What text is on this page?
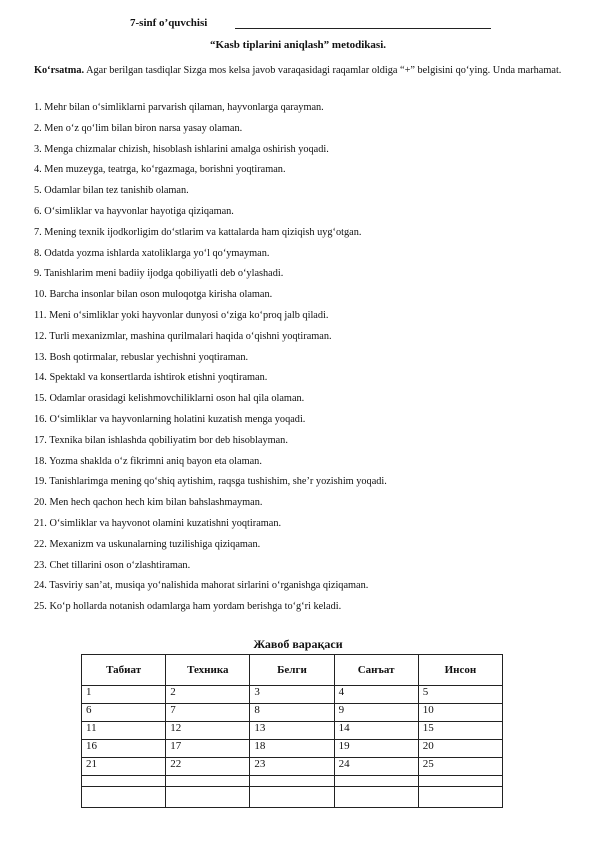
7-sinf o’quvchisi
“Kasb tiplarini aniqlash” metodikasi.
Ko‘rsatma. Agar berilgan tasdiqlar Sizga mos kelsa javob varaqasidagi raqamlar oldiga “+” belgisini qo‘ying. Unda marhamat.
1. Mehr bilan o‘simliklarni parvarish qilaman, hayvonlarga qarayman.
2. Men o‘z qo‘lim bilan biron narsa yasay olaman.
3. Menga chizmalar chizish, hisoblash ishlarini amalga oshirish yoqadi.
4. Men muzeyga, teatrga, ko‘rgazmaga, borishni yoqtiraman.
5. Odamlar bilan tez tanishib olaman.
6. O‘simliklar va hayvonlar hayotiga qiziqaman.
7. Mening texnik ijodkorligim do‘stlarim va kattalarda ham qiziqish uyg‘otgan.
8. Odatda yozma ishlarda xatoliklarga yo‘l qo‘ymayman.
9. Tanishlarim meni badiiy ijodga qobiliyatli deb o‘ylashadi.
10. Barcha insonlar bilan oson muloqotga kirisha olaman.
11. Meni o‘simliklar yoki hayvonlar dunyosi o‘ziga ko‘proq jalb qiladi.
12. Turli mexanizmlar, mashina qurilmalari haqida o‘qishni yoqtiraman.
13. Bosh qotirmalar, rebuslar yechishni yoqtiraman.
14. Spektakl va konsertlarda ishtirok etishni yoqtiraman.
15. Odamlar orasidagi kelishmovchiliklarni oson hal qila olaman.
16. O‘simliklar va hayvonlarning holatini kuzatish menga yoqadi.
17. Texnika bilan ishlashda qobiliyatim bor deb hisoblayman.
18. Yozma shaklda o‘z fikrimni aniq bayon eta olaman.
19. Tanishlarimga mening qo‘shiq aytishim, raqsga tushishim, she’r yozishim yoqadi.
20. Men hech qachon hech kim bilan bahslashmayman.
21. O‘simliklar va hayvonot olamini kuzatishni yoqtiraman.
22. Mexanizm va uskunalarning tuzilishiga qiziqaman.
23. Chet tillarini oson o‘zlashtiraman.
24. Tasviriy san’at, musiqa yo‘nalishida mahorat sirlarini o‘rganishga qiziqaman.
25. Ko‘p hollarda notanish odamlarga ham yordam berishga to‘g‘ri keladi.
Жавоб варақаси
Табиат	Техника	Белги	Санъат	Инсон
1	2	3	4	5
6	7	8	9	10
11	12	13	14	15
16	17	18	19	20
21	22	23	24	25
